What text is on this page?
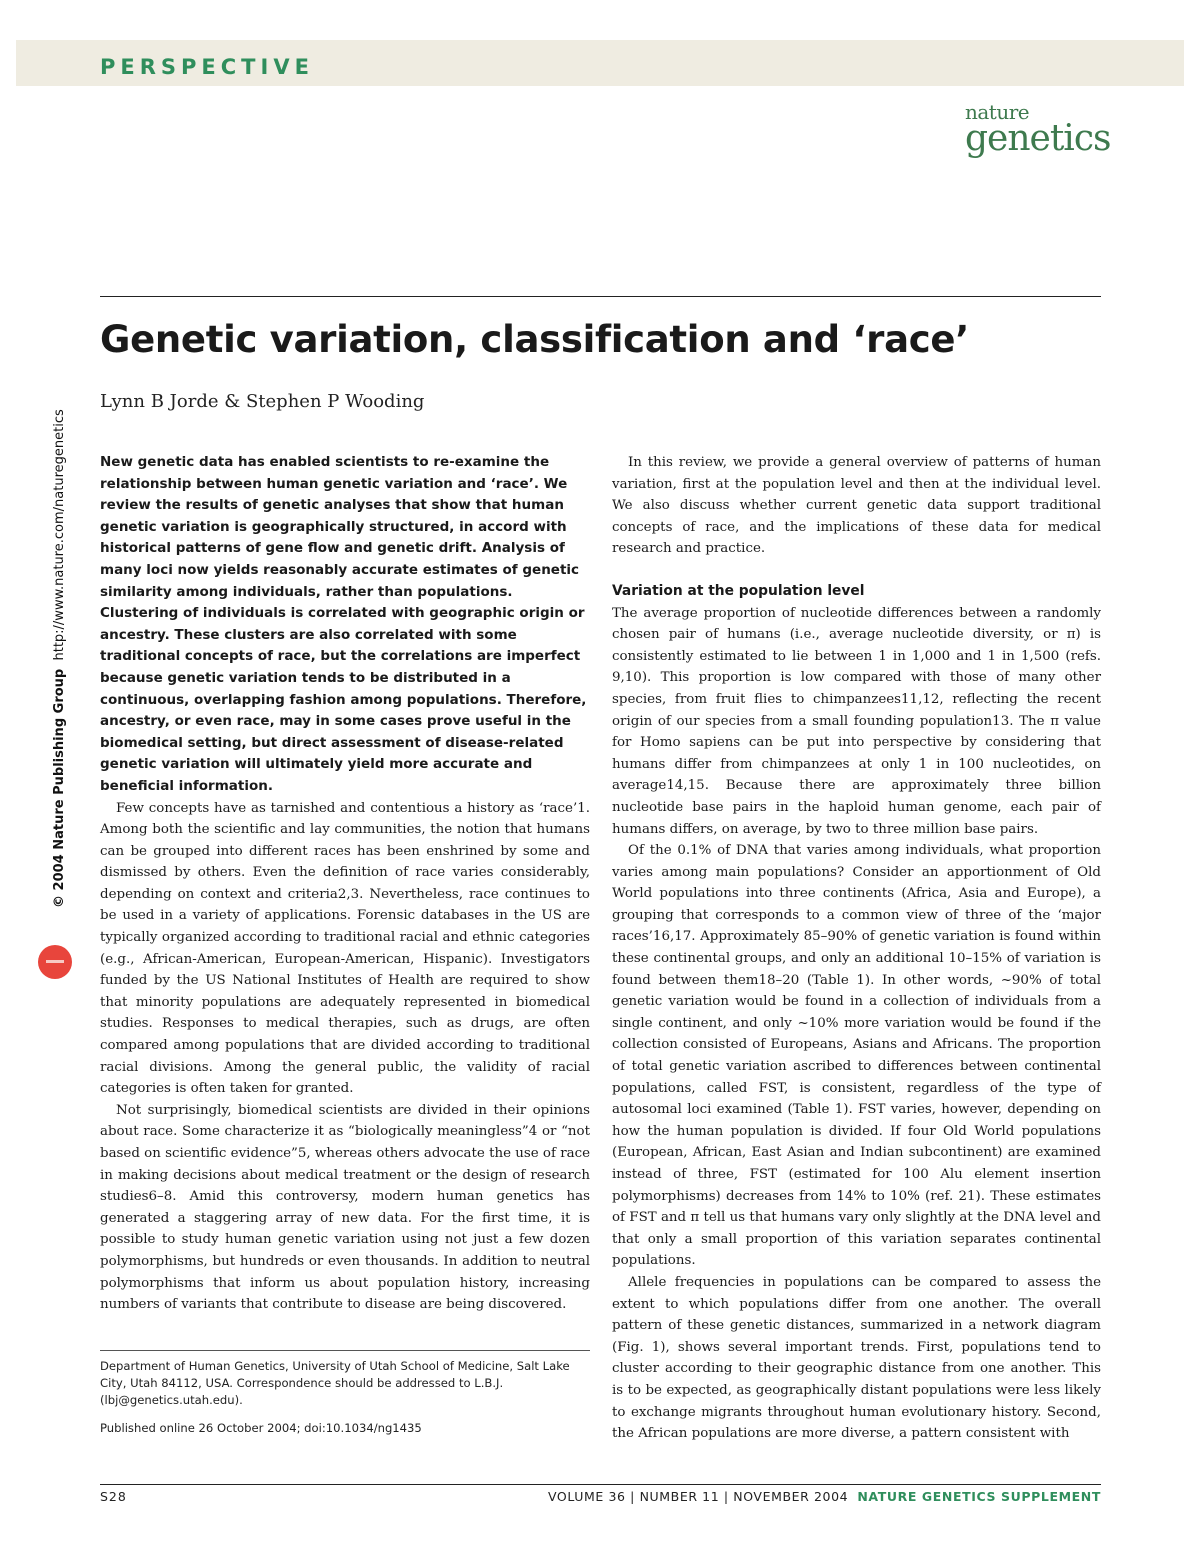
PERSPECTIVE
nature
genetics
Genetic variation, classification and ‘race’
Lynn B Jorde & Stephen P Wooding
© 2004 Nature Publishing Group  http://www.nature.com/naturegenetics New genetic data has enabled scientists to re-examine the relationship between human genetic variation and ‘race’. We review the results of genetic analyses that show that human genetic variation is geographically structured, in accord with historical patterns of gene flow and genetic drift. Analysis of many loci now yields reasonably accurate estimates of genetic similarity among individuals, rather than populations. Clustering of individuals is correlated with geographic origin or ancestry. These clusters are also correlated with some traditional concepts of race, but the correlations are imperfect because genetic variation tends to be distributed in a continuous, overlapping fashion among populations. Therefore, ancestry, or even race, may in some cases prove useful in the biomedical setting, but direct assessment of disease-related genetic variation will ultimately yield more accurate and beneficial information.

Few concepts have as tarnished and contentious a history as ‘race’1. Among both the scientific and lay communities, the notion that humans can be grouped into different races has been enshrined by some and dismissed by others. Even the definition of race varies considerably, depending on context and criteria2,3. Nevertheless, race continues to be used in a variety of applications. Forensic databases in the US are typically organized according to traditional racial and ethnic categories (e.g., African-American, European-American, Hispanic). Investigators funded by the US National Institutes of Health are required to show that minority populations are adequately represented in biomedical studies. Responses to medical therapies, such as drugs, are often compared among populations that are divided according to traditional racial divisions. Among the general public, the validity of racial categories is often taken for granted.

Not surprisingly, biomedical scientists are divided in their opinions about race. Some characterize it as “biologically meaningless”4 or “not based on scientific evidence”5, whereas others advocate the use of race in making decisions about medical treatment or the design of research studies6–8. Amid this controversy, modern human genetics has generated a staggering array of new data. For the first time, it is possible to study human genetic variation using not just a few dozen polymorphisms, but hundreds or even thousands. In addition to neutral polymorphisms that inform us about population history, increasing numbers of variants that contribute to disease are being discovered.

In this review, we provide a general overview of patterns of human variation, first at the population level and then at the individual level. We also discuss whether current genetic data support traditional concepts of race, and the implications of these data for medical research and practice.

Variation at the population level

The average proportion of nucleotide differences between a randomly chosen pair of humans (i.e., average nucleotide diversity, or π) is consistently estimated to lie between 1 in 1,000 and 1 in 1,500 (refs. 9,10). This proportion is low compared with those of many other species, from fruit flies to chimpanzees11,12, reflecting the recent origin of our species from a small founding population13. The π value for Homo sapiens can be put into perspective by considering that humans differ from chimpanzees at only 1 in 100 nucleotides, on average14,15. Because there are approximately three billion nucleotide base pairs in the haploid human genome, each pair of humans differs, on average, by two to three million base pairs.

Of the 0.1% of DNA that varies among individuals, what proportion varies among main populations? Consider an apportionment of Old World populations into three continents (Africa, Asia and Europe), a grouping that corresponds to a common view of three of the ‘major races’16,17. Approximately 85–90% of genetic variation is found within these continental groups, and only an additional 10–15% of variation is found between them18–20 (Table 1). In other words, ~90% of total genetic variation would be found in a collection of individuals from a single continent, and only ~10% more variation would be found if the collection consisted of Europeans, Asians and Africans. The proportion of total genetic variation ascribed to differences between continental populations, called FST, is consistent, regardless of the type of autosomal loci examined (Table 1). FST varies, however, depending on how the human population is divided. If four Old World populations (European, African, East Asian and Indian subcontinent) are examined instead of three, FST (estimated for 100 Alu element insertion polymorphisms) decreases from 14% to 10% (ref. 21). These estimates of FST and π tell us that humans vary only slightly at the DNA level and that only a small proportion of this variation separates continental populations.

Allele frequencies in populations can be compared to assess the extent to which populations differ from one another. The overall pattern of these genetic distances, summarized in a network diagram (Fig. 1), shows several important trends. First, populations tend to cluster according to their geographic distance from one another. This is to be expected, as geographically distant populations were less likely to exchange migrants throughout human evolutionary history. Second, the African populations are more diverse, a pattern consistent with

Department of Human Genetics, University of Utah School of Medicine, Salt Lake City, Utah 84112, USA. Correspondence should be addressed to L.B.J. (lbj@genetics.utah.edu).
Published online 26 October 2004; doi:10.1034/ng1435
S28	VOLUME 36 | NUMBER 11 | NOVEMBER 2004 NATURE GENETICS SUPPLEMENT
